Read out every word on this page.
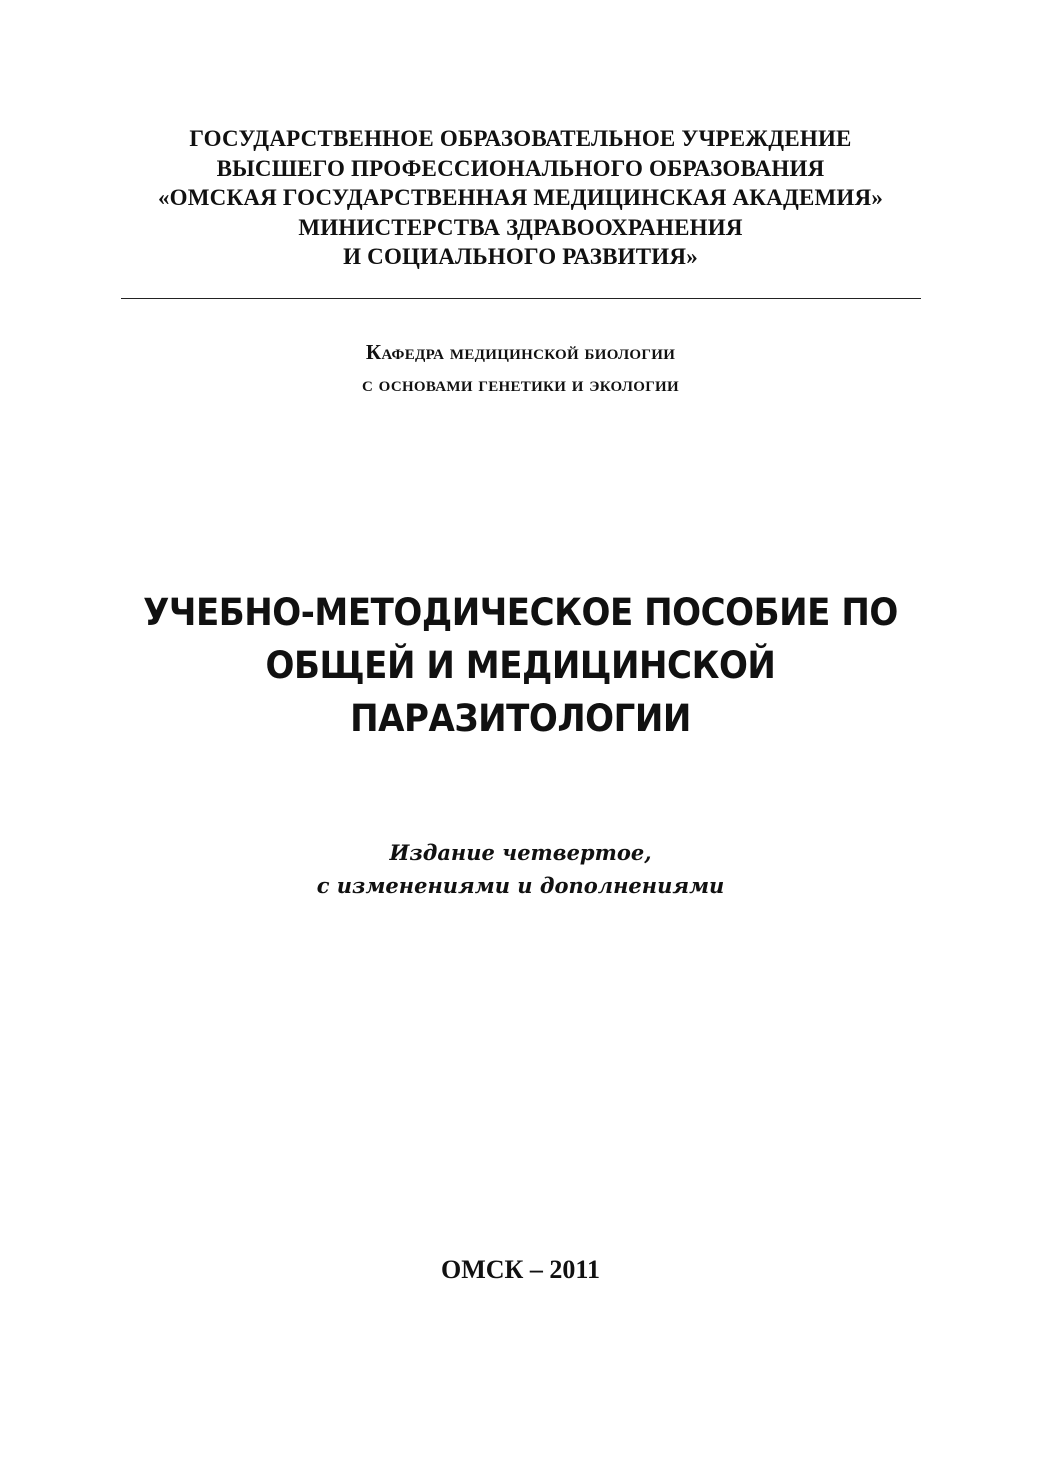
ГОСУДАРСТВЕННОЕ ОБРАЗОВАТЕЛЬНОЕ УЧРЕЖДЕНИЕ
ВЫСШЕГО ПРОФЕССИОНАЛЬНОГО ОБРАЗОВАНИЯ
«ОМСКАЯ ГОСУДАРСТВЕННАЯ МЕДИЦИНСКАЯ АКАДЕМИЯ»
МИНИСТЕРСТВА ЗДРАВООХРАНЕНИЯ
И СОЦИАЛЬНОГО РАЗВИТИЯ»
Кафедра медицинской биологии
с основами генетики и экологии
УЧЕБНО-МЕТОДИЧЕСКОЕ ПОСОБИЕ ПО
ОБЩЕЙ И МЕДИЦИНСКОЙ
ПАРАЗИТОЛОГИИ
Издание четвертое,
с изменениями и дополнениями
ОМСК – 2011
